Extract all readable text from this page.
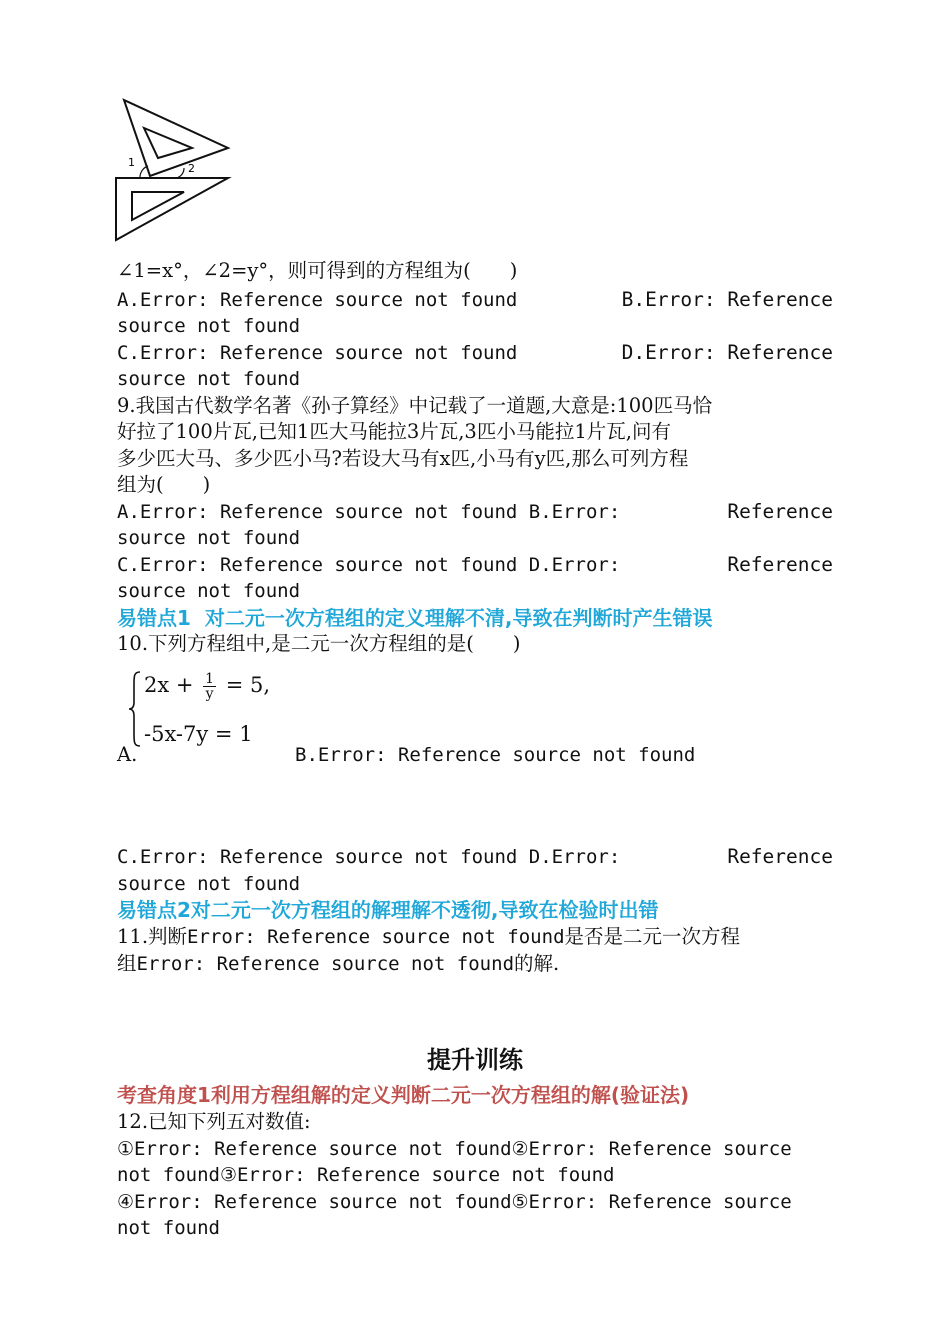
1	2
∠1=x°，∠2=y°，则可得到的方程组为(　　)
A.Error: Reference source not found	B.Error: Reference
source not found
C.Error: Reference source not found	D.Error: Reference
source not found
9.我国古代数学名著《孙子算经》中记载了一道题,大意是:100匹马恰
好拉了100片瓦,已知1匹大马能拉3片瓦,3匹小马能拉1片瓦,问有
多少匹大马、多少匹小马?若设大马有x匹,小马有y匹,那么可列方程
组为(　　)
A.Error: Reference source not found B.Error:	Reference
source not found
C.Error: Reference source not found D.Error:	Reference
source not found
易错点1  对二元一次方程组的定义理解不清,导致在判断时产生错误
10.下列方程组中,是二元一次方程组的是(　　)
$2x + \frac{1}{y} = 5$,
-5x-7y = 1
A.	B.Error: Reference source not found
C.Error: Reference source not found D.Error:	Reference
source not found
易错点2对二元一次方程组的解理解不透彻,导致在检验时出错
11.判断Error: Reference source not found是否是二元一次方程
组Error: Reference source not found的解.
提升训练
考查角度1利用方程组解的定义判断二元一次方程组的解(验证法)
12.已知下列五对数值:
①Error: Reference source not found②Error: Reference source
not found③Error: Reference source not found
④Error: Reference source not found⑤Error: Reference source
not found
